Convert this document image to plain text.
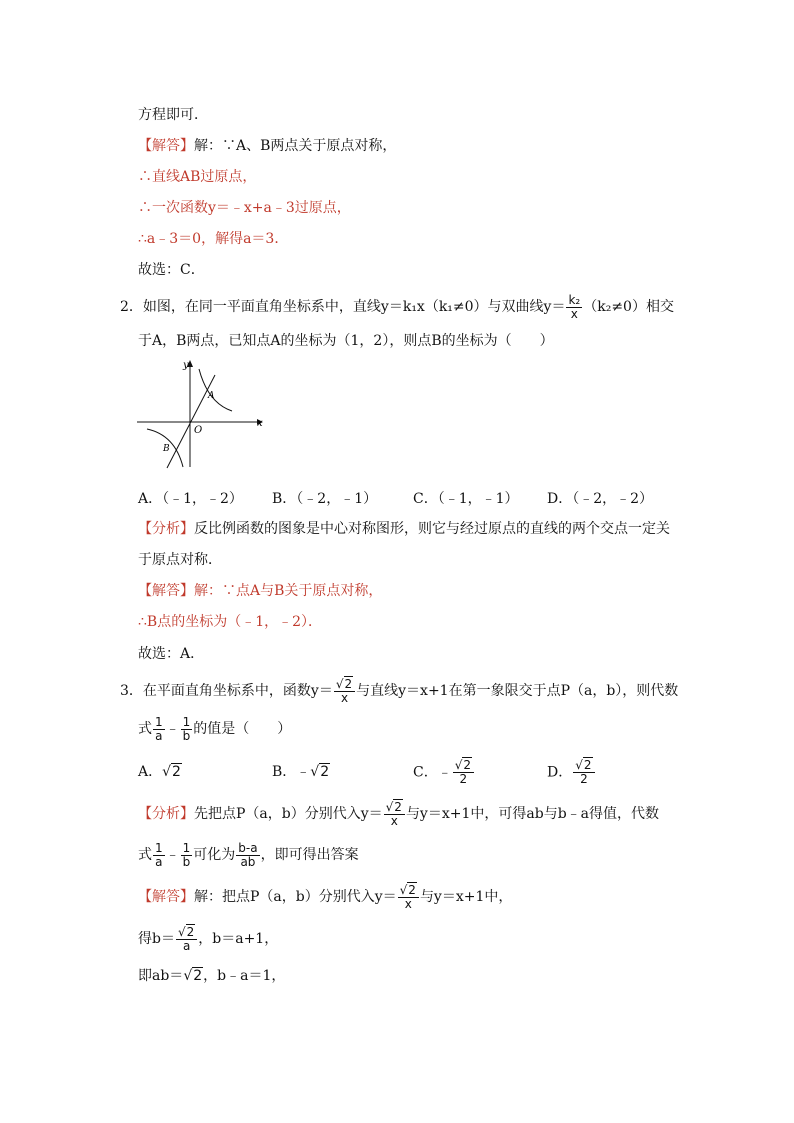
方程即可．
【解答】解：∵A、B两点关于原点对称，
∴直线AB过原点，
∴一次函数y＝﹣x+a﹣3过原点，
∴a﹣3＝0，解得a＝3．
故选：C．
2．如图，在同一平面直角坐标系中，直线y＝k₁x（k₁≠0）与双曲线$y= \frac{\text{k₂}}{x} (k_2\ne 0)$相交
于A，B两点，已知点A的坐标为（1，2），则点B的坐标为（　　）
y
x
O
A
B
A．（﹣1，﹣2） B．（﹣2，﹣1）	C．（﹣1，﹣1） D．（﹣2，﹣2）
【分析】反比例函数的图象是中心对称图形，则它与经过原点的直线的两个交点一定关
于原点对称．
【解答】解：∵点A与B关于原点对称，
∴B点的坐标为（﹣1，﹣2）．
故选：A．
3．在平面直角坐标系中，函数$y= \frac{√2}{x}$ 与直线y＝x+1在第一象限交于点P（a，b），则代数
式 $\frac{1}{a}$ ﹣ $\frac{1}{b}$ 的值是（　　）
A．√2	B．﹣√2	C．﹣ $\frac{√2}{2}$	D． $\frac{√2}{2}$
【分析】先把点P（a，b）分别代入$y= \frac{√2}{x}$ 与y＝x+1中，可得ab与b﹣a得值，代数
式 $\frac{1}{a}$ ﹣ $\frac{1}{b}$ 可化为 $\frac{b-a}{ab}$ ，即可得出答案
【解答】解：把点P（a，b）分别代入$y= \frac{√2}{x}$ 与y＝x+1中，
得$b= \frac{√2}{a}$ ，b＝a+1，
即ab＝√2，b﹣a＝1，
